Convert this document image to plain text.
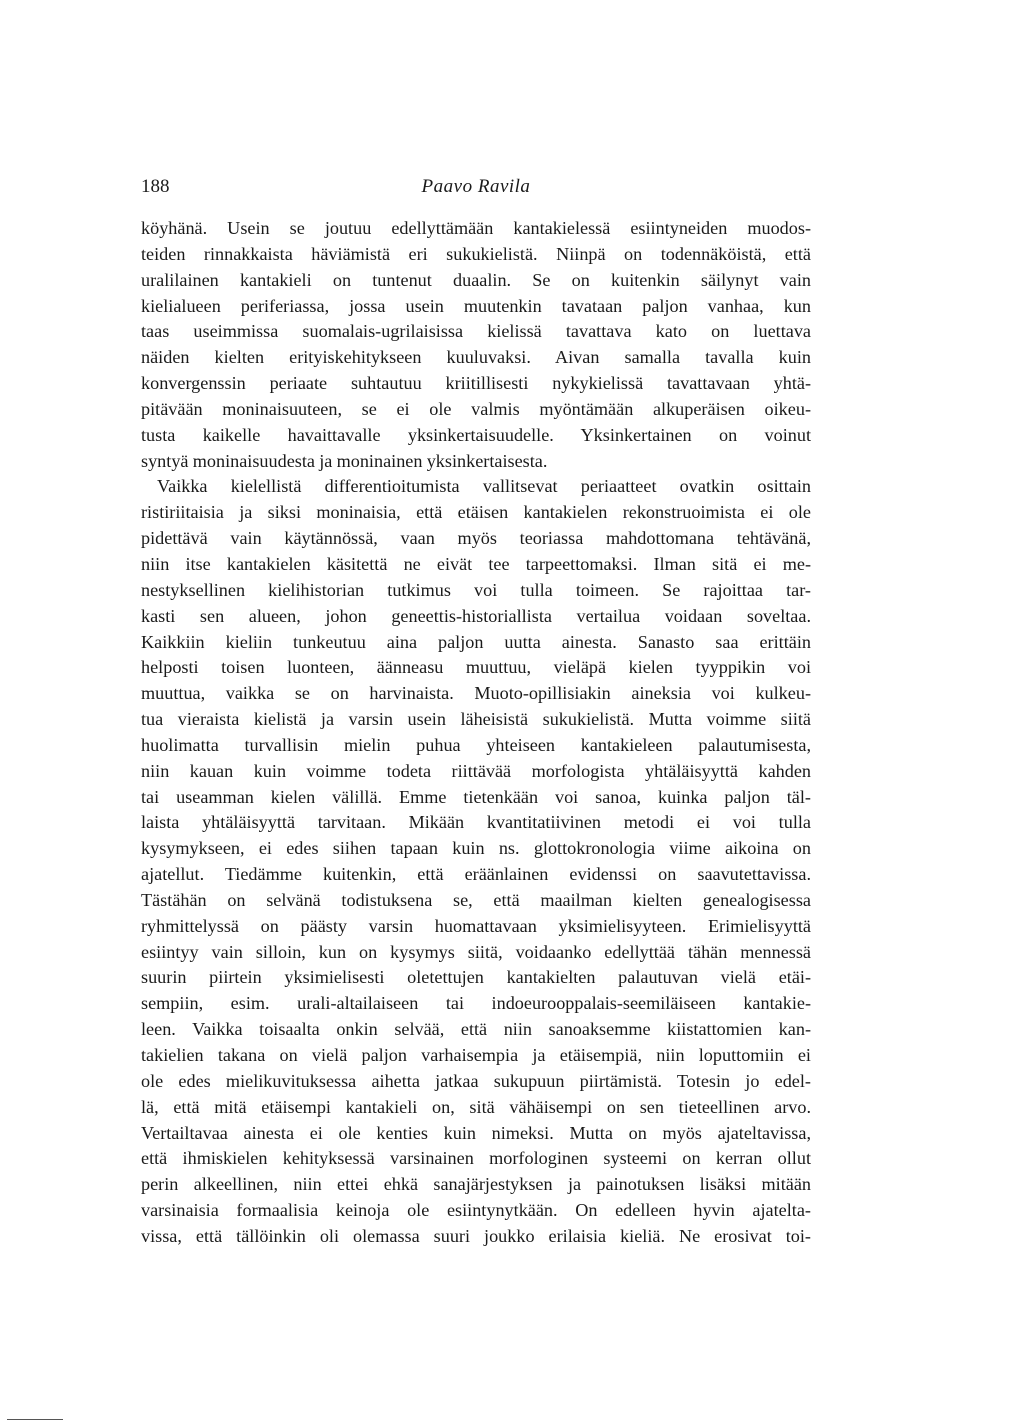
188	Paavo Ravila
köyhänä. Usein se joutuu edellyttämään kantakielessä esiintyneiden muodos-
teiden rinnakkaista häviämistä eri sukukielistä. Niinpä on todennäköistä, että
uralilainen kantakieli on tuntenut duaalin. Se on kuitenkin säilynyt vain
kielialueen periferiassa, jossa usein muutenkin tavataan paljon vanhaa, kun
taas useimmissa suomalais-ugrilaisissa kielissä tavattava kato on luettava
näiden kielten erityiskehitykseen kuuluvaksi. Aivan samalla tavalla kuin
konvergenssin periaate suhtautuu kriitillisesti nykykielissä tavattavaan yhtä-
pitävään moninaisuuteen, se ei ole valmis myöntämään alkuperäisen oikeu-
tusta kaikelle havaittavalle yksinkertaisuudelle. Yksinkertainen on voinut
syntyä moninaisuudesta ja moninainen yksinkertaisesta.
Vaikka kielellistä differentioitumista vallitsevat periaatteet ovatkin osittain
ristiriitaisia ja siksi moninaisia, että etäisen kantakielen rekonstruoimista ei ole
pidettävä vain käytännössä, vaan myös teoriassa mahdottomana tehtävänä,
niin itse kantakielen käsitettä ne eivät tee tarpeettomaksi. Ilman sitä ei me-
nestyksellinen kielihistorian tutkimus voi tulla toimeen. Se rajoittaa tar-
kasti sen alueen, johon geneettis-historiallista vertailua voidaan soveltaa.
Kaikkiin kieliin tunkeutuu aina paljon uutta ainesta. Sanasto saa erittäin
helposti toisen luonteen, äänneasu muuttuu, vieläpä kielen tyyppikin voi
muuttua, vaikka se on harvinaista. Muoto-opillisiakin aineksia voi kulkeu-
tua vieraista kielistä ja varsin usein läheisistä sukukielistä. Mutta voimme siitä
huolimatta turvallisin mielin puhua yhteiseen kantakieleen palautumisesta,
niin kauan kuin voimme todeta riittävää morfologista yhtäläisyyttä kahden
tai useamman kielen välillä. Emme tietenkään voi sanoa, kuinka paljon täl-
laista yhtäläisyyttä tarvitaan. Mikään kvantitatiivinen metodi ei voi tulla
kysymykseen, ei edes siihen tapaan kuin ns. glottokronologia viime aikoina on
ajatellut. Tiedämme kuitenkin, että eräänlainen evidenssi on saavutettavissa.
Tästähän on selvänä todistuksena se, että maailman kielten genealogisessa
ryhmittelyssä on päästy varsin huomattavaan yksimielisyyteen. Erimielisyyttä
esiintyy vain silloin, kun on kysymys siitä, voidaanko edellyttää tähän mennessä
suurin piirtein yksimielisesti oletettujen kantakielten palautuvan vielä etäi-
sempiin, esim. urali-altailaiseen tai indoeurooppalais-seemiläiseen kantakie-
leen. Vaikka toisaalta onkin selvää, että niin sanoaksemme kiistattomien kan-
takielien takana on vielä paljon varhaisempia ja etäisempiä, niin loputtomiin ei
ole edes mielikuvituksessa aihetta jatkaa sukupuun piirtämistä. Totesin jo edel-
lä, että mitä etäisempi kantakieli on, sitä vähäisempi on sen tieteellinen arvo.
Vertailtavaa ainesta ei ole kenties kuin nimeksi. Mutta on myös ajateltavissa,
että ihmiskielen kehityksessä varsinainen morfologinen systeemi on kerran ollut
perin alkeellinen, niin ettei ehkä sanajärjestyksen ja painotuksen lisäksi mitään
varsinaisia formaalisia keinoja ole esiintynytkään. On edelleen hyvin ajatelta-
vissa, että tällöinkin oli olemassa suuri joukko erilaisia kieliä. Ne erosivat toi-
